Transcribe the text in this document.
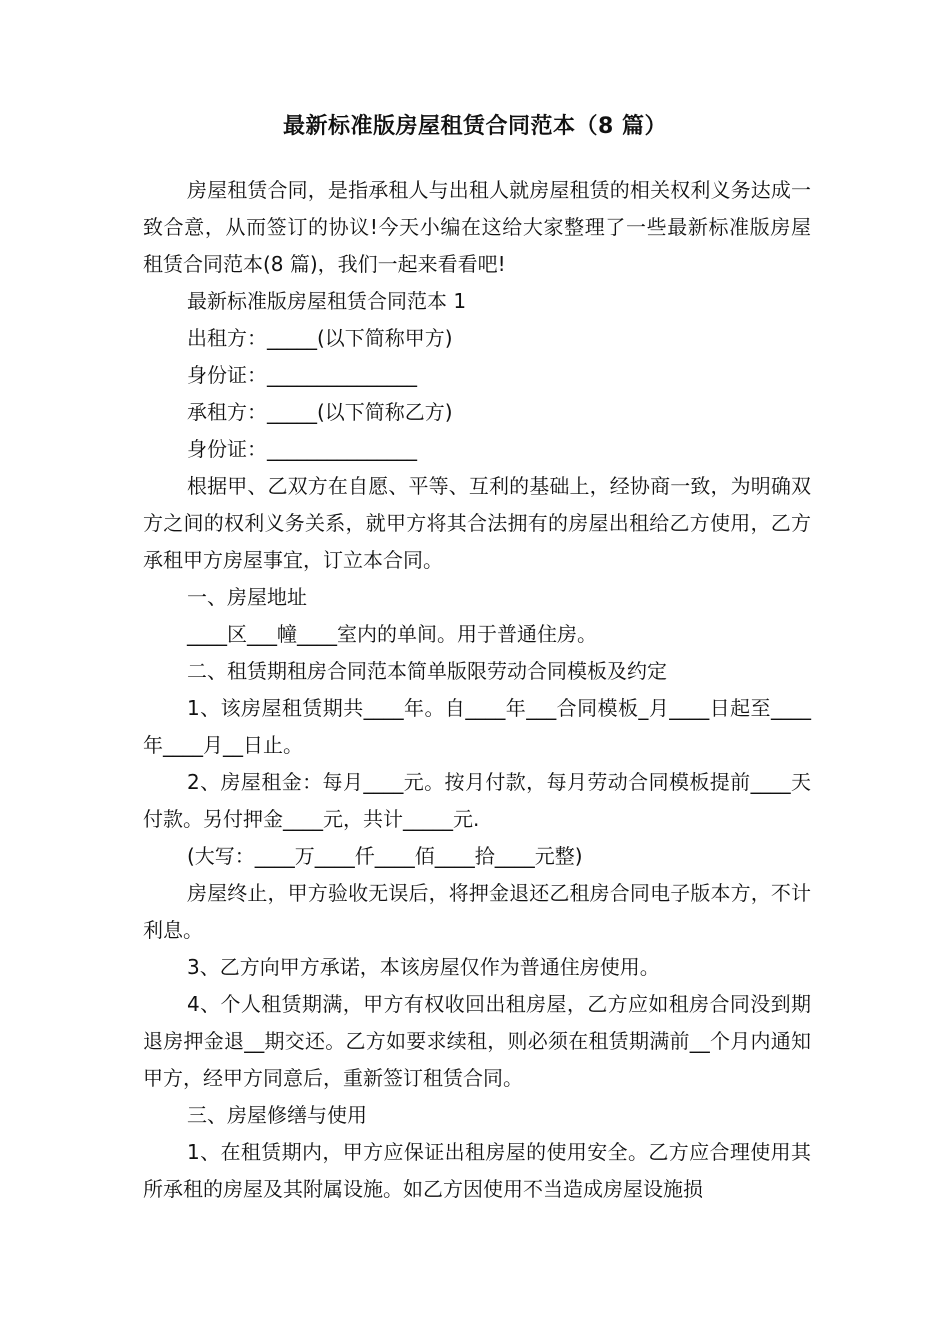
最新标准版房屋租赁合同范本（8 篇）

房屋租赁合同，是指承租人与出租人就房屋租赁的相关权利义务达成一致合意，从而签订的协议!今天小编在这给大家整理了一些最新标准版房屋租赁合同范本(8 篇)，我们一起来看看吧!

最新标准版房屋租赁合同范本 1

出租方：_____(以下简称甲方)

身份证：_______________

承租方：_____(以下简称乙方)

身份证：_______________

根据甲、乙双方在自愿、平等、互利的基础上，经协商一致，为明确双方之间的权利义务关系，就甲方将其合法拥有的房屋出租给乙方使用，乙方承租甲方房屋事宜，订立本合同。

一、房屋地址

____区___幢____室内的单间。用于普通住房。

二、租赁期租房合同范本简单版限劳动合同模板及约定

1、该房屋租赁期共____年。自____年___合同模板_月____日起至____年____月__日止。

2、房屋租金：每月____元。按月付款，每月劳动合同模板提前____天付款。另付押金____元，共计_____元.

(大写：____万____仟____佰____拾____元整)

房屋终止，甲方验收无误后，将押金退还乙租房合同电子版本方，不计利息。

3、乙方向甲方承诺，本该房屋仅作为普通住房使用。

4、个人租赁期满，甲方有权收回出租房屋，乙方应如租房合同没到期退房押金退__期交还。乙方如要求续租，则必须在租赁期满前__个月内通知甲方，经甲方同意后，重新签订租赁合同。

三、房屋修缮与使用

1、在租赁期内，甲方应保证出租房屋的使用安全。乙方应合理使用其所承租的房屋及其附属设施。如乙方因使用不当造成房屋设施损
